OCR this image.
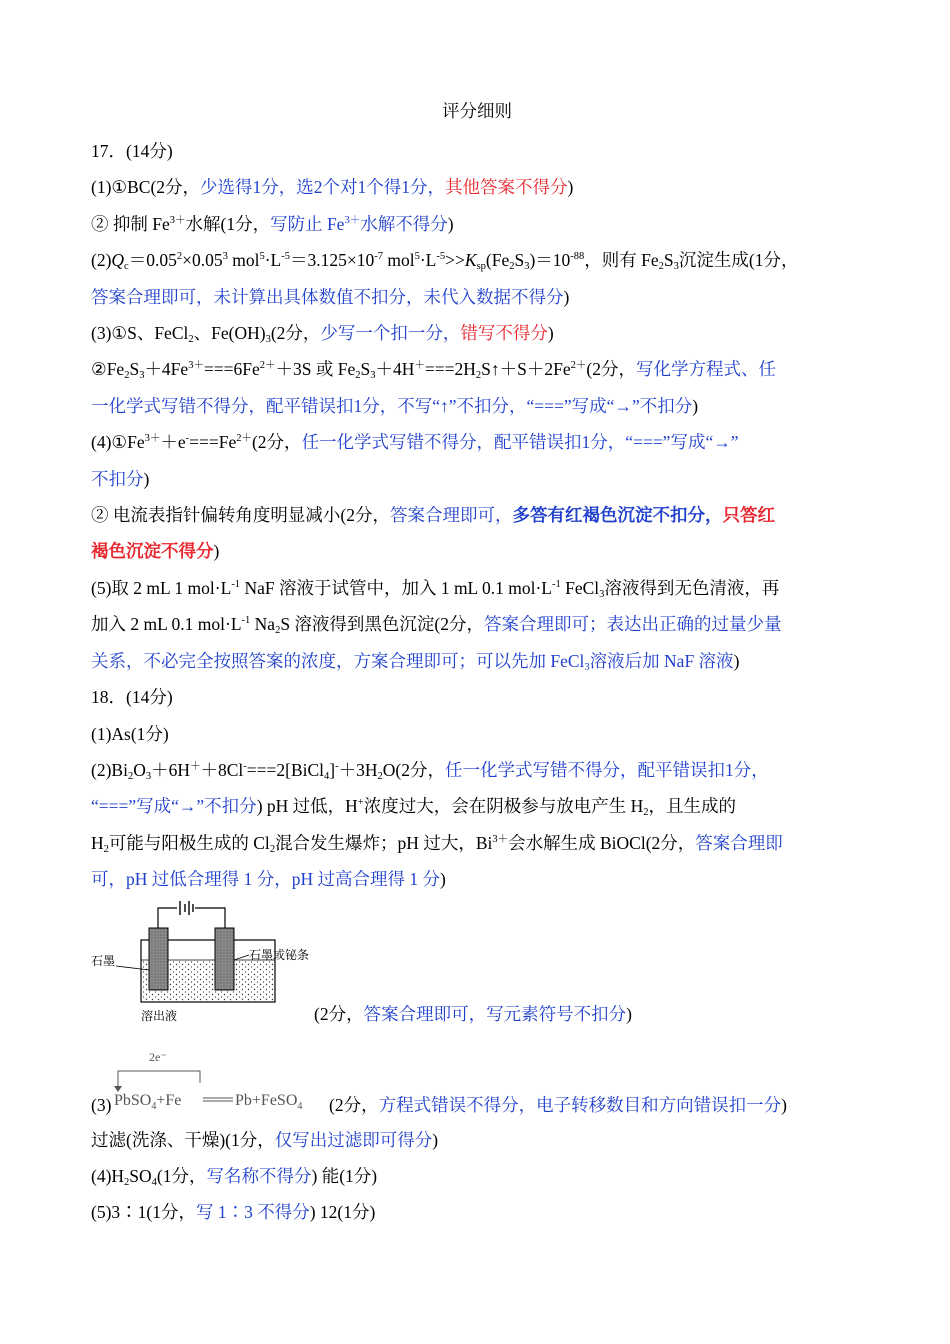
评分细则
17．(14分)
(1)①BC(2分，少选得1分，选2个对1个得1分，其他答案不得分)
② 抑制 $Fe^{3+}$水解(1分，写防止 $Fe^{3+}$水解不得分)
$(2)Q_c=0.05^2\times 0.05^3$ $mol^5\cdot L^{-5}=3.125\times 10^{-7}$ $mol^5\cdot L^{-5}>>K_{sp}(Fe_2S_3)=10^{-88}$，则有 $Fe_2S_3$沉淀生成(1分，
答案合理即可，未计算出具体数值不扣分，未代入数据不得分)
(3)①S、FeCl$_2$、$Fe(OH)_3(2$分，少写一个扣一分，错写不得分)
$②Fe_2S_3+4Fe^{3+}===6Fe^{2+}+3S$ 或 $Fe_2S_3+4H^+===2H_2S↑+S+2Fe^{2+}(2$分，写化学方程式、任
一化学式写错不得分，配平错误扣1分，不写“↑”不扣分，“===”写成“→”不扣分)
$(4)①Fe^{3+}+e^-===Fe^{2+}(2$分，任一化学式写错不得分，配平错误扣1分，“===”写成“→”
不扣分)
② 电流表指针偏转角度明显减小(2分，答案合理即可，多答有红褐色沉淀不扣分，只答红
褐色沉淀不得分)
(5)取 2 mL 1 $mol\cdot L^{-1}$ NaF 溶液于试管中，加入 1 mL 0.1 $mol\cdot L^{-1}$ FeCl$_3$溶液得到无色清液，再
加入 2 mL 0.1 $mol\cdot L^{-1}$ $Na_2S$ 溶液得到黑色沉淀(2分，答案合理即可；表达出正确的过量少量
关系，不必完全按照答案的浓度，方案合理即可；可以先加 FeCl$_3$溶液后加 NaF 溶液)
18．(14分)
(1)As(1分)
$(2)Bi_2O_3+6H^++8Cl^-===2[BiCl_4]^-+3H_2O(2$分，任一化学式写错不得分，配平错误扣1分，
“===”写成“→”不扣分) pH 过低，H+浓度过大，会在阴极参与放电产生 $H_2$，且生成的
$H_2$可能与阳极生成的 $Cl_2$混合发生爆炸；pH 过大，$Bi^{3+}$会水解生成 BiOCl(2分，答案合理即
可，pH 过低合理得 1 分，pH 过高合理得 1 分)
石墨	石墨或铋条
溶出液	(2分，答案合理即可，写元素符号不扣分)
(3)
2e⁻
PbSO$_4$+Fe	Pb+FeSO$_4$ (2分，方程式错误不得分，电子转移数目和方向错误扣一分)
过滤(洗涤、干燥)(1分，仅写出过滤即可得分)
$(4)H_2SO_4(1$分，写名称不得分) 能(1分)
(5)3∶1(1分，写 1∶3 不得分) 12(1分)
